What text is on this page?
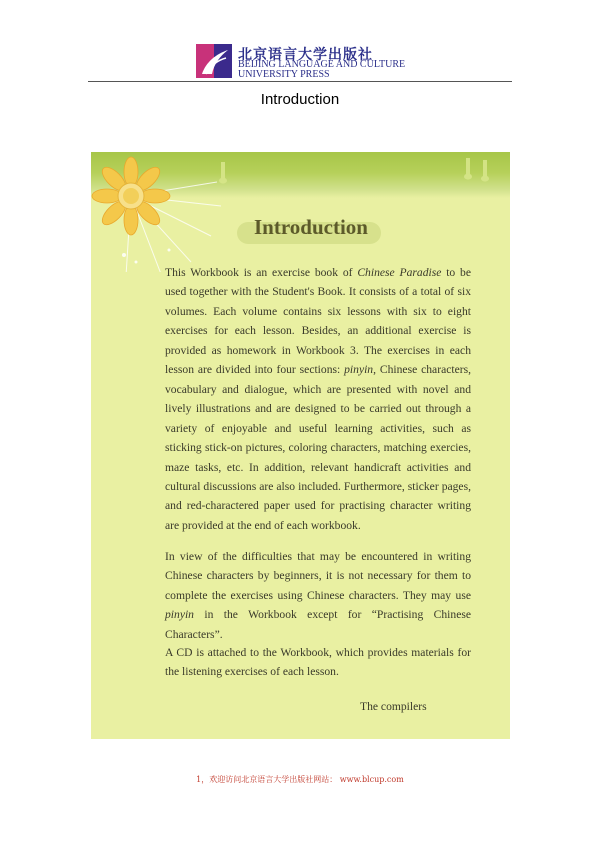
北京语言大学出版社
BEIJING LANGUAGE AND CULTURE
UNIVERSITY PRESS
Introduction
Introduction
This Workbook is an exercise book of Chinese Paradise to be used together with the Student's Book. It consists of a total of six volumes. Each volume contains six lessons with six to eight exercises for each lesson. Besides, an additional exercise is provided as homework in Workbook 3. The exercises in each lesson are divided into four sections: pinyin, Chinese characters, vocabulary and dialogue, which are presented with novel and lively illustrations and are designed to be carried out through a variety of enjoyable and useful learning activities, such as sticking stick-on pictures, coloring characters, matching exercies, maze tasks, etc. In addition, relevant handicraft activities and cultural discussions are also included. Furthermore, sticker pages, and red-charactered paper used for practising character writing are provided at the end of each workbook.
In view of the difficulties that may be encountered in writing Chinese characters by beginners, it is not necessary for them to complete the exercises using Chinese characters. They may use pinyin in the Workbook except for “Practising Chinese Characters”.
A CD is attached to the Workbook, which provides materials for the listening exercises of each lesson.
The compilers
1，欢迎访问北京语言大学出版社网站： www.blcup.com
